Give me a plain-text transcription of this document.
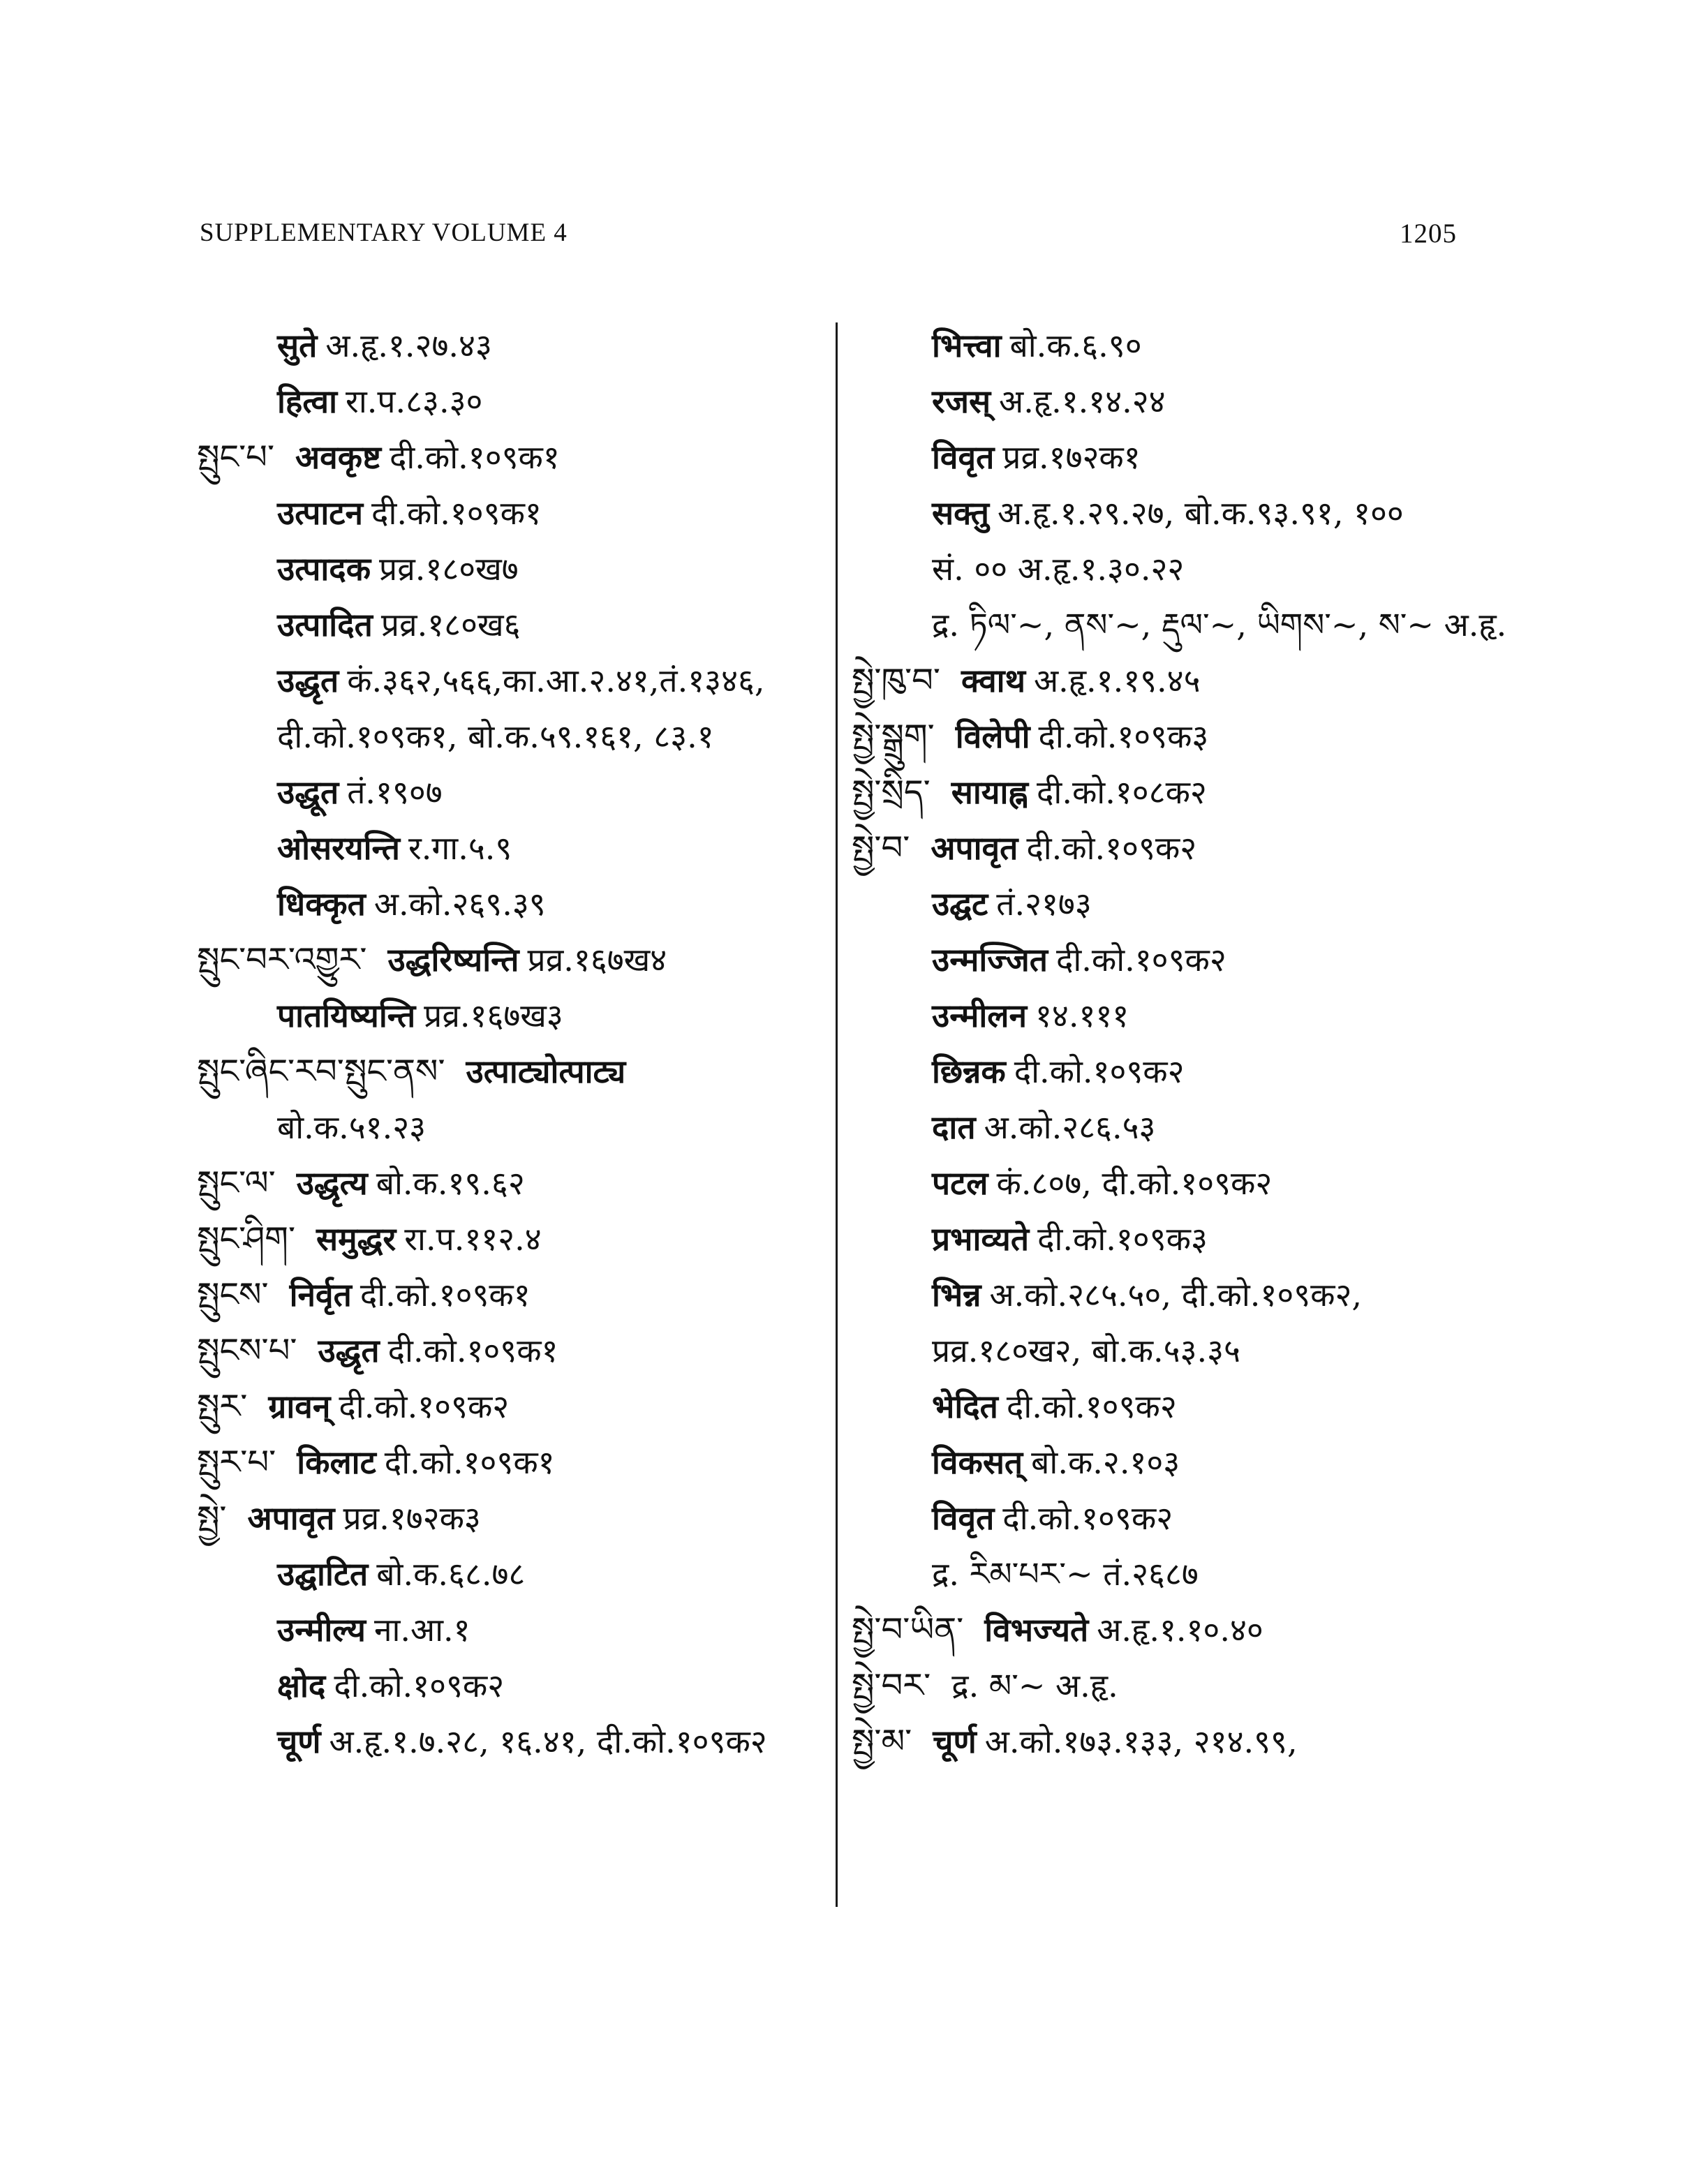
SUPPLEMENTARY VOLUME 4	1205
सुते अ.हृ.१.२७.४३
हित्वा रा.प.८३.३०
སྤུང་པ་ अवकृष्ट दी.को.१०९क१
उत्पाटन दी.को.१०९क१
उत्पादक प्रव्र.१८०ख७
उत्पादित प्रव्र.१८०ख६
उद्धृत कं.३६२,५६६,का.आ.२.४१,तं.१३४६,
दी.को.१०९क१, बो.क.५९.१६१, ८३.१
उद्धूत तं.१९०७
ओसरयन्ति र.गा.५.९
धिक्कृत अ.को.२६९.३९
སྤུང་བར་འགྱུར་ उद्धरिष्यन्ति प्रव्र.१६७ख४
पातयिष्यन्ति प्रव्र.१६७ख३
སྤུང་ཞིང་རབ་སྤུང་ནས་ उत्पाट्योत्पाट्य
बो.क.५१.२३
སྤུང་ལ་ उद्धृत्य बो.क.१९.६२
སྤུང་ཤིག་ समुद्धर रा.प.११२.४
སྤུངས་ निर्वृत दी.को.१०९क१
སྤུངས་པ་ उद्धृत दी.को.१०९क१
སྤུར་ ग्रावन् दी.को.१०९क२
སྤུར་པ་ किलाट दी.को.१०९क१
སྤྱེ་ अपावृत प्रव्र.१७२क३
उद्घाटित बो.क.६८.७८
उन्मील्य ना.आ.१
क्षोद दी.को.१०९क२
चूर्ण अ.हृ.१.७.२८, १६.४१, दी.को.१०९क२
भित्त्वा बो.क.६.९०
रजस् अ.हृ.१.१४.२४
विवृत प्रव्र.१७२क१
सक्तु अ.हृ.१.२९.२७, बो.क.९३.९१, १००
सं. ०० अ.हृ.१.३०.२२
द्र. ཏིལ་~, ནས་~, རྡུལ་~, ཡིགས་~, ས་~ अ.हृ.
སྤྱེ་ཁུ་བ་ क्वाथ अ.हृ.१.१९.४५
སྤྱེ་སྒྲུག་ विलेपी दी.को.१०९क३
སྤྱེ་སྲིད་ सायाह्न दी.को.१०८क२
སྤྱེ་བ་ अपावृत दी.को.१०९क२
उद्घट तं.२१७३
उन्मज्जित दी.को.१०९क२
उन्मीलन १४.१११
छिन्नक दी.को.१०९क२
दात अ.को.२८६.५३
पटल कं.८०७, दी.को.१०९क२
प्रभाव्यते दी.को.१०९क३
भिन्न अ.को.२८५.५०, दी.को.१०९क२,
प्रव्र.१८०ख२, बो.क.५३.३५
भेदित दी.को.१०९क२
विकसत् बो.क.२.१०३
विवृत दी.को.१०९क२
द्र. རིམ་པར་~ तं.२६८७
སྤྱེ་བ་ཡིན་ विभज्यते अ.हृ.१.१०.४०
སྤྱེ་བར་ द्र. མ་~ अ.हृ.
སྤྱེ་མ་ चूर्ण अ.को.१७३.१३३, २१४.९९,
